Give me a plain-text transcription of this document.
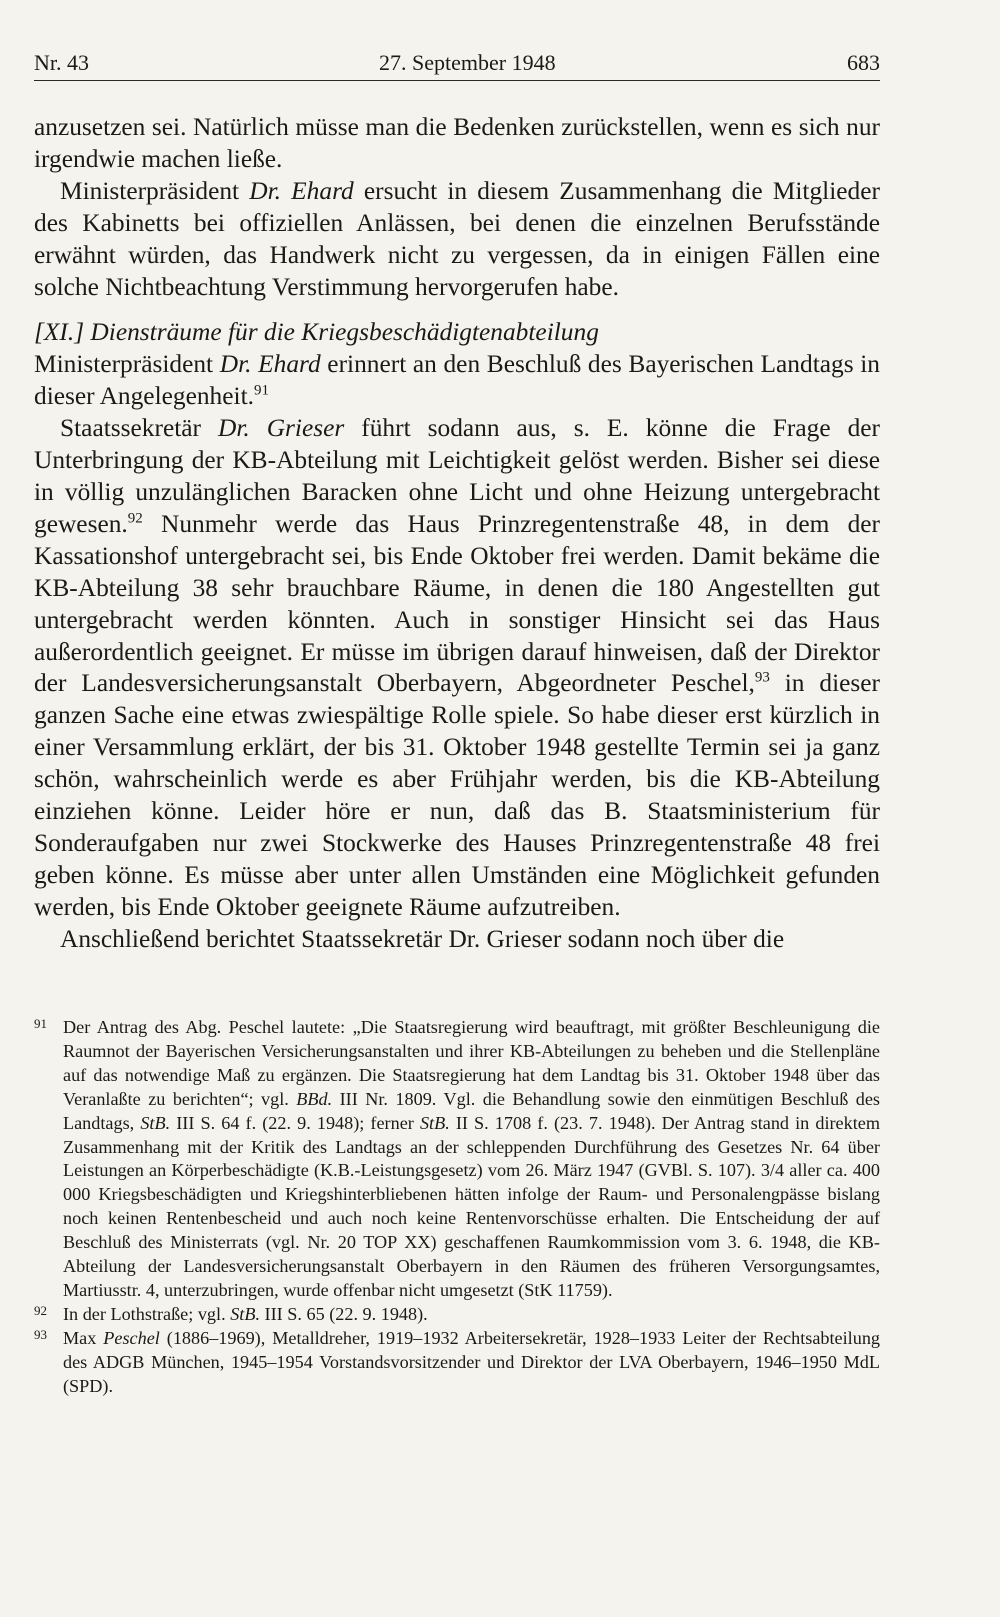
Nr. 43	27. September 1948	683

anzusetzen sei. Natürlich müsse man die Bedenken zurückstellen, wenn es sich nur irgendwie machen ließe.

Ministerpräsident Dr. Ehard ersucht in diesem Zusammenhang die Mitglieder des Kabinetts bei offiziellen Anlässen, bei denen die einzelnen Berufsstände erwähnt würden, das Handwerk nicht zu vergessen, da in einigen Fällen eine solche Nichtbeachtung Verstimmung hervorgerufen habe.

[XI.] Diensträume für die Kriegsbeschädigtenabteilung

Ministerpräsident Dr. Ehard erinnert an den Beschluß des Bayerischen Landtags in dieser Angelegenheit.$^{91}$

Staatssekretär Dr. Grieser führt sodann aus, s. E. könne die Frage der Unterbringung der KB-Abteilung mit Leichtigkeit gelöst werden. Bisher sei diese in völlig unzulänglichen Baracken ohne Licht und ohne Heizung untergebracht gewesen.$^{92}$ Nunmehr werde das Haus Prinzregentenstraße 48, in dem der Kassationshof untergebracht sei, bis Ende Oktober frei werden. Damit bekäme die KB-Abteilung 38 sehr brauchbare Räume, in denen die 180 Angestellten gut untergebracht werden könnten. Auch in sonstiger Hinsicht sei das Haus außerordentlich geeignet. Er müsse im übrigen darauf hinweisen, daß der Direktor der Landesversicherungsanstalt Oberbayern, Abgeordneter Peschel,$^{93}$ in dieser ganzen Sache eine etwas zwiespältige Rolle spiele. So habe dieser erst kürzlich in einer Versammlung erklärt, der bis 31. Oktober 1948 gestellte Termin sei ja ganz schön, wahrscheinlich werde es aber Frühjahr werden, bis die KB-Abteilung einziehen könne. Leider höre er nun, daß das B. Staatsministerium für Sonderaufgaben nur zwei Stockwerke des Hauses Prinzregentenstraße 48 frei geben könne. Es müsse aber unter allen Umständen eine Möglichkeit gefunden werden, bis Ende Oktober geeignete Räume aufzutreiben.

Anschließend berichtet Staatssekretär Dr. Grieser sodann noch über die

91 Der Antrag des Abg. Peschel lautete: „Die Staatsregierung wird beauftragt, mit größter Beschleunigung die Raumnot der Bayerischen Versicherungsanstalten und ihrer KB-Abteilungen zu beheben und die Stellenpläne auf das notwendige Maß zu ergänzen. Die Staatsregierung hat dem Landtag bis 31. Oktober 1948 über das Veranlaßte zu berichten“; vgl. BBd. III Nr. 1809. Vgl. die Behandlung sowie den einmütigen Beschluß des Landtags, StB. III S. 64 f. (22. 9. 1948); ferner StB. II S. 1708 f. (23. 7. 1948). Der Antrag stand in direktem Zusammenhang mit der Kritik des Landtags an der schleppenden Durchführung des Gesetzes Nr. 64 über Leistungen an Körperbeschädigte (K.B.-Leistungsgesetz) vom 26. März 1947 (GVBl. S. 107). 3/4 aller ca. 400 000 Kriegsbeschädigten und Kriegshinterbliebenen hätten infolge der Raum- und Personalengpässe bislang noch keinen Rentenbescheid und auch noch keine Rentenvorschüsse erhalten. Die Entscheidung der auf Beschluß des Ministerrats (vgl. Nr. 20 TOP XX) geschaffenen Raumkommission vom 3. 6. 1948, die KB-Abteilung der Landesversicherungsanstalt Oberbayern in den Räumen des früheren Versorgungsamtes, Martiusstr. 4, unterzubringen, wurde offenbar nicht umgesetzt (StK 11759).

92 In der Lothstraße; vgl. StB. III S. 65 (22. 9. 1948).

93 Max Peschel (1886–1969), Metalldreher, 1919–1932 Arbeitersekretär, 1928–1933 Leiter der Rechtsabteilung des ADGB München, 1945–1954 Vorstandsvorsitzender und Direktor der LVA Oberbayern, 1946–1950 MdL (SPD).
